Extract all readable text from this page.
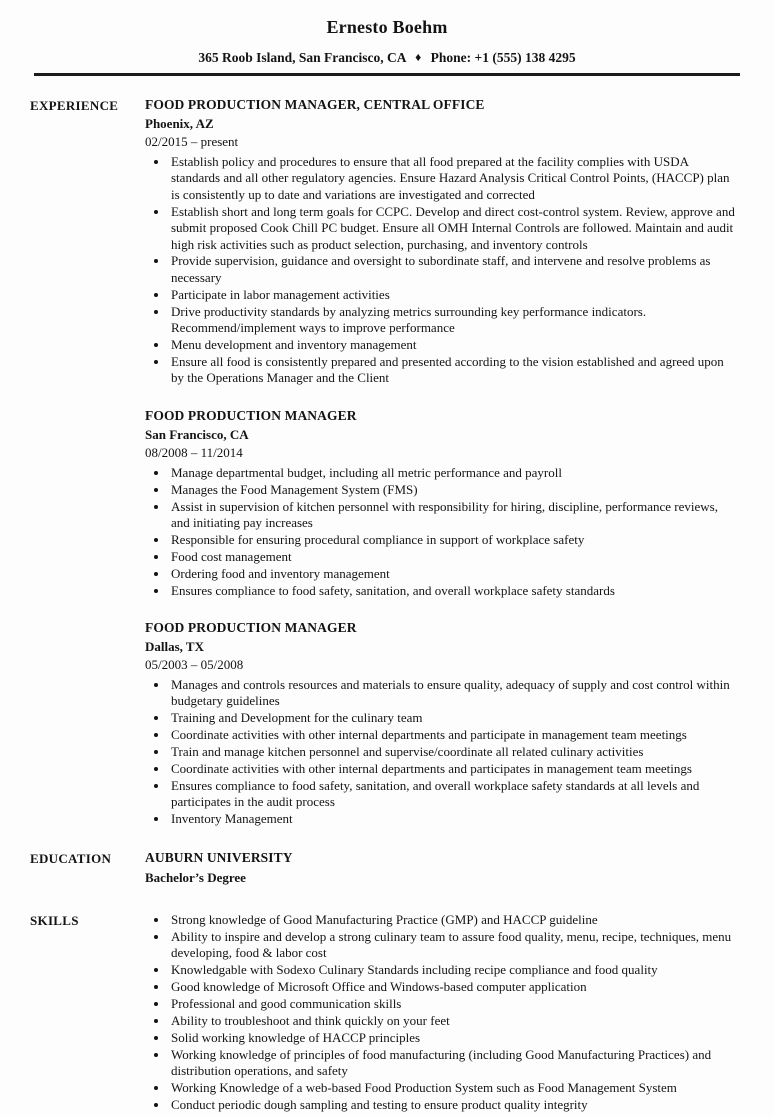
Ernesto Boehm
365 Roob Island, San Francisco, CA ♦ Phone: +1 (555) 138 4295
EXPERIENCE	FOOD PRODUCTION MANAGER, CENTRAL OFFICE
Phoenix, AZ
02/2015 – present
• Establish policy and procedures to ensure that all food prepared at the facility complies with USDA standards and all other regulatory agencies. Ensure Hazard Analysis Critical Control Points, (HACCP) plan is consistently up to date and variations are investigated and corrected
• Establish short and long term goals for CCPC. Develop and direct cost-control system. Review, approve and submit proposed Cook Chill PC budget. Ensure all OMH Internal Controls are followed. Maintain and audit high risk activities such as product selection, purchasing, and inventory controls
• Provide supervision, guidance and oversight to subordinate staff, and intervene and resolve problems as necessary
• Participate in labor management activities
• Drive productivity standards by analyzing metrics surrounding key performance indicators. Recommend/implement ways to improve performance
• Menu development and inventory management
• Ensure all food is consistently prepared and presented according to the vision established and agreed upon by the Operations Manager and the Client
FOOD PRODUCTION MANAGER
San Francisco, CA
08/2008 – 11/2014
• Manage departmental budget, including all metric performance and payroll
• Manages the Food Management System (FMS)
• Assist in supervision of kitchen personnel with responsibility for hiring, discipline, performance reviews, and initiating pay increases
• Responsible for ensuring procedural compliance in support of workplace safety
• Food cost management
• Ordering food and inventory management
• Ensures compliance to food safety, sanitation, and overall workplace safety standards
FOOD PRODUCTION MANAGER
Dallas, TX
05/2003 – 05/2008
• Manages and controls resources and materials to ensure quality, adequacy of supply and cost control within budgetary guidelines
• Training and Development for the culinary team
• Coordinate activities with other internal departments and participate in management team meetings
• Train and manage kitchen personnel and supervise/coordinate all related culinary activities
• Coordinate activities with other internal departments and participates in management team meetings
• Ensures compliance to food safety, sanitation, and overall workplace safety standards at all levels and participates in the audit process
• Inventory Management
EDUCATION	AUBURN UNIVERSITY
Bachelor’s Degree
SKILLS	• Strong knowledge of Good Manufacturing Practice (GMP) and HACCP guideline
• Ability to inspire and develop a strong culinary team to assure food quality, menu, recipe, techniques, menu developing, food & labor cost
• Knowledgable with Sodexo Culinary Standards including recipe compliance and food quality
• Good knowledge of Microsoft Office and Windows-based computer application
• Professional and good communication skills
• Ability to troubleshoot and think quickly on your feet
• Solid working knowledge of HACCP principles
• Working knowledge of principles of food manufacturing (including Good Manufacturing Practices) and distribution operations, and safety
• Working Knowledge of a web-based Food Production System such as Food Management System
• Conduct periodic dough sampling and testing to ensure product quality integrity
